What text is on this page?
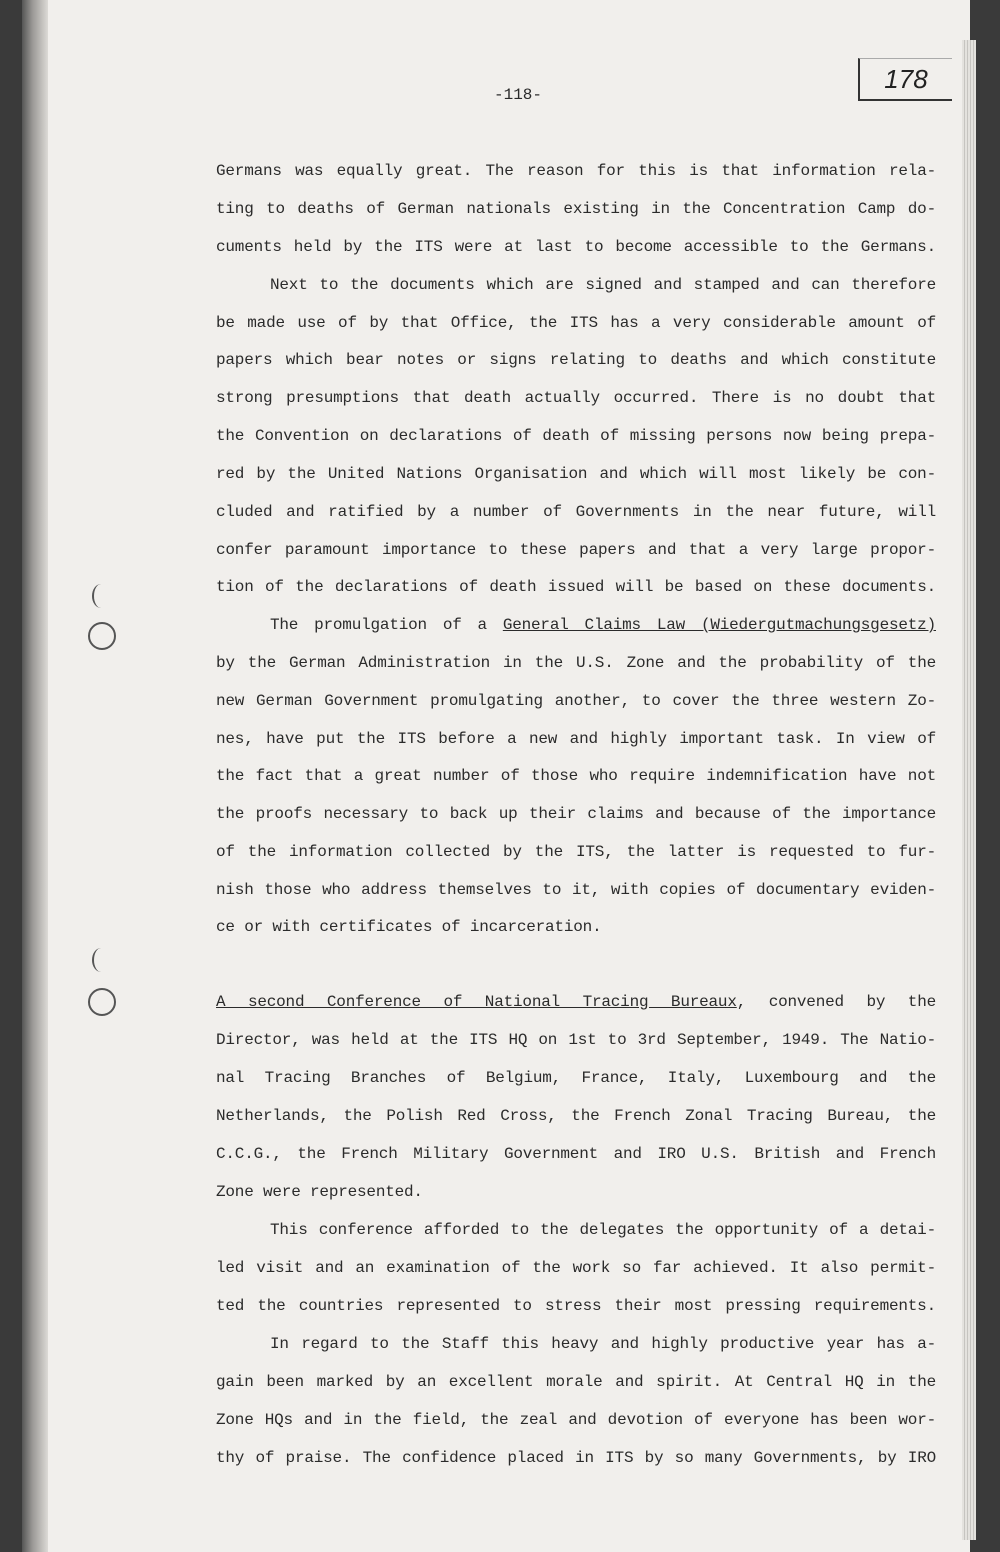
-118-
178
Germans was equally great. The reason for this is that information rela-
ting to deaths of German nationals existing in the Concentration Camp do-
cuments held by the ITS were at last to become accessible to the Germans.
Next to the documents which are signed and stamped and can therefore
be made use of by that Office, the ITS has a very considerable amount of
papers which bear notes or signs relating to deaths and which constitute
strong presumptions that death actually occurred. There is no doubt that
the Convention on declarations of death of missing persons now being prepa-
red by the United Nations Organisation and which will most likely be con-
cluded and ratified by a number of Governments in the near future, will
confer paramount importance to these papers and that a very large propor-
tion of the declarations of death issued will be based on these documents.
The promulgation of a General Claims Law (Wiedergutmachungsgesetz)
by the German Administration in the U.S. Zone and the probability of the
new German Government promulgating another, to cover the three western Zo-
nes, have put the ITS before a new and highly important task. In view of
the fact that a great number of those who require indemnification have not
the proofs necessary to back up their claims and because of the importance
of the information collected by the ITS, the latter is requested to fur-
nish those who address themselves to it, with copies of documentary eviden-
ce or with certificates of incarceration.
A second Conference of National Tracing Bureaux, convened by the
Director, was held at the ITS HQ on 1st to 3rd September, 1949. The Natio-
nal Tracing Branches of Belgium, France, Italy, Luxembourg and the
Netherlands, the Polish Red Cross, the French Zonal Tracing Bureau, the
C.C.G., the French Military Government and IRO U.S. British and French
Zone were represented.
This conference afforded to the delegates the opportunity of a detai-
led visit and an examination of the work so far achieved. It also permit-
ted the countries represented to stress their most pressing requirements.
In regard to the Staff this heavy and highly productive year has a-
gain been marked by an excellent morale and spirit. At Central HQ in the
Zone HQs and in the field, the zeal and devotion of everyone has been wor-
thy of praise. The confidence placed in ITS by so many Governments, by IRO
